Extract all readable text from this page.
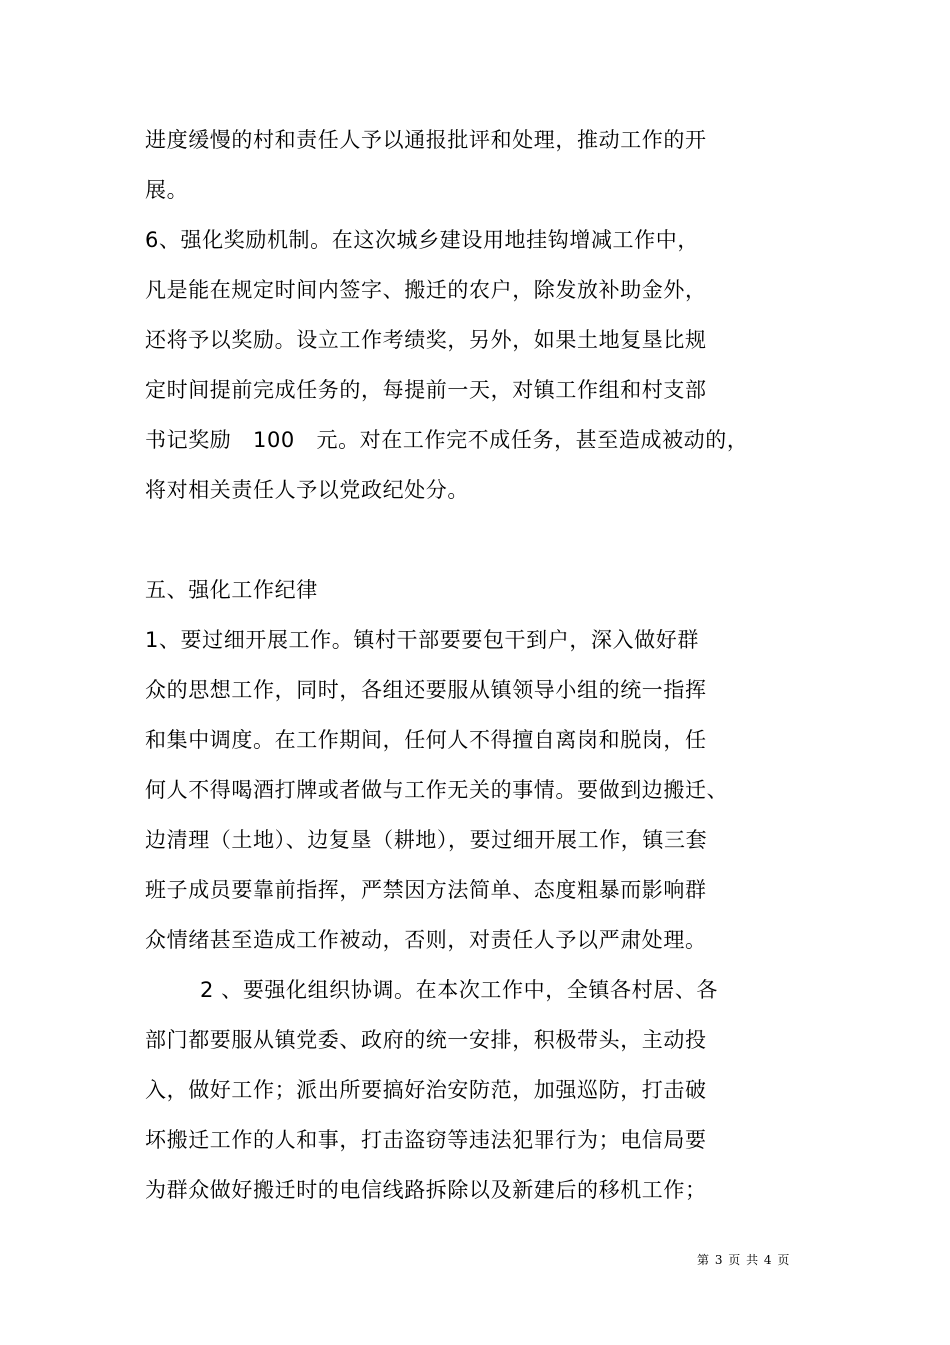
进度缓慢的村和责任人予以通报批评和处理，推动工作的开

展。

6、强化奖励机制。在这次城乡建设用地挂钩增减工作中，

凡是能在规定时间内签字、搬迁的农户，除发放补助金外，

还将予以奖励。设立工作考绩奖，另外，如果土地复垦比规

定时间提前完成任务的，每提前一天，对镇工作组和村支部

书记奖励　100　元。对在工作完不成任务，甚至造成被动的，

将对相关责任人予以党政纪处分。

五、强化工作纪律

1、要过细开展工作。镇村干部要要包干到户，深入做好群

众的思想工作，同时，各组还要服从镇领导小组的统一指挥

和集中调度。在工作期间，任何人不得擅自离岗和脱岗，任

何人不得喝酒打牌或者做与工作无关的事情。要做到边搬迁、

边清理（土地）、边复垦（耕地），要过细开展工作，镇三套

班子成员要靠前指挥，严禁因方法简单、态度粗暴而影响群

众情绪甚至造成工作被动，否则，对责任人予以严肃处理。

2 、要强化组织协调。在本次工作中，全镇各村居、各

部门都要服从镇党委、政府的统一安排，积极带头，主动投

入，做好工作；派出所要搞好治安防范，加强巡防，打击破

坏搬迁工作的人和事，打击盗窃等违法犯罪行为；电信局要

为群众做好搬迁时的电信线路拆除以及新建后的移机工作；

第 3 页 共 4 页
